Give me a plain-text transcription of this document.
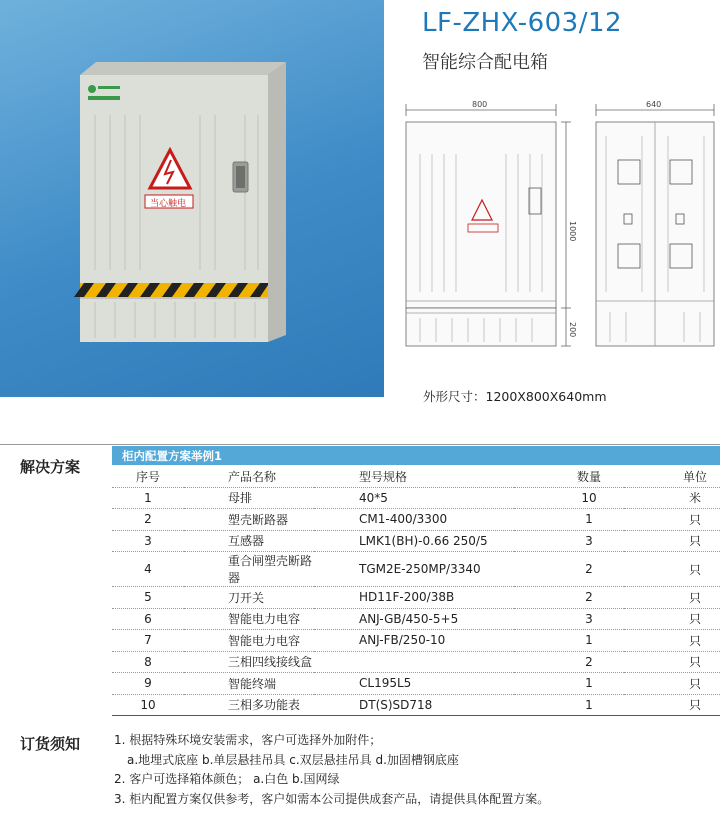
当心触电
LF-ZHX-603/12
智能综合配电箱
800	640
1000
200
外形尺寸：1200X800X640mm
解决方案
柜内配置方案举例1
序号	产品名称	型号规格	数量	单位
1	母排	40*5	10	米
2	塑壳断路器	CM1-400/3300	1	只
3	互感器	LMK1(BH)-0.66 250/5	3	只
4	重合闸塑壳断路器	TGM2E-250MP/3340	2	只
5	刀开关	HD11F-200/38B	2	只
6	智能电力电容	ANJ-GB/450-5+5	3	只
7	智能电力电容	ANJ-FB/250-10	1	只
8	三相四线接线盒		2	只
9	智能终端	CL195L5	1	只
10	三相多功能表	DT(S)SD718	1	只
订货须知	1. 根据特殊环境安装需求，客户可选择外加附件；
a.地埋式底座 b.单层悬挂吊具 c.双层悬挂吊具 d.加固槽钢底座
2. 客户可选择箱体颜色； a.白色 b.国网绿
3. 柜内配置方案仅供参考，客户如需本公司提供成套产品，请提供具体配置方案。
